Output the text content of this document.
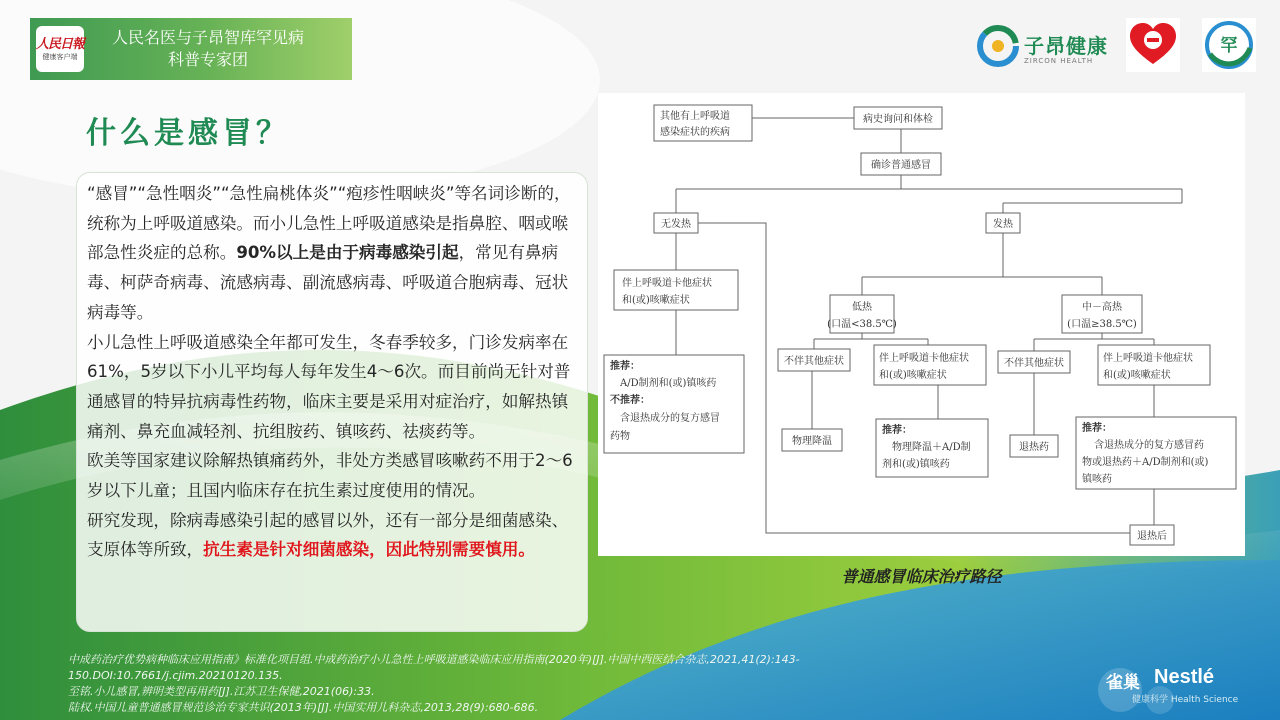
人民日報
健康客户端
人民名医与子昂智库罕见病
科普专家团
子昂健康
ZIRCON HEALTH
罕
什么是感冒？

“感冒”“急性咽炎”“急性扁桃体炎”“疱疹性咽峡炎”等名词诊断的，统称为上呼吸道感染。而小儿急性上呼吸道感染是指鼻腔、咽或喉部急性炎症的总称。90%以上是由于病毒感染引起，常见有鼻病毒、柯萨奇病毒、流感病毒、副流感病毒、呼吸道合胞病毒、冠状病毒等。

小儿急性上呼吸道感染全年都可发生，冬春季较多，门诊发病率在61%，5岁以下小儿平均每人每年发生4～6次。而目前尚无针对普通感冒的特异抗病毒性药物，临床主要是采用对症治疗，如解热镇痛剂、鼻充血减轻剂、抗组胺药、镇咳药、祛痰药等。

欧美等国家建议除解热镇痛药外，非处方类感冒咳嗽药不用于2～6岁以下儿童；且国内临床存在抗生素过度使用的情况。

研究发现，除病毒感染引起的感冒以外，还有一部分是细菌感染、支原体等所致，抗生素是针对细菌感染，因此特别需要慎用。

其他有上呼吸道
感染症状的疾病
病史询问和体检
确诊普通感冒
无发热	发热
伴上呼吸道卡他症状
和(或)咳嗽症状
低热
(口温<38.5℃)
中－高热
(口温≥38.5℃)
推荐：
A/D制剂和(或)镇咳药
不推荐：
含退热成分的复方感冒
药物
不伴其他症状	伴上呼吸道卡他症状
和(或)咳嗽症状
不伴其他症状	伴上呼吸道卡他症状
和(或)咳嗽症状
物理降温
推荐：
物理降温＋A/D制
剂和(或)镇咳药
退热药
推荐：
含退热成分的复方感冒药
物或退热药＋A/D制剂和(或)
镇咳药
退热后
普通感冒临床治疗路径
中成药治疗优势病种临床应用指南》标准化项目组.中成药治疗小儿急性上呼吸道感染临床应用指南(2020年)[J].中国中西医结合杂志,2021,41(2):143-
150.DOI:10.7661/j.cjim.20210120.135.
至铭.小儿感冒,辨明类型再用药[J].江苏卫生保健,2021(06):33.
陆权.中国儿童普通感冒规范诊治专家共识(2013年)[J].中国实用儿科杂志,2013,28(9):680-686.
雀巢 Nestlé
健康科学 Health Science
